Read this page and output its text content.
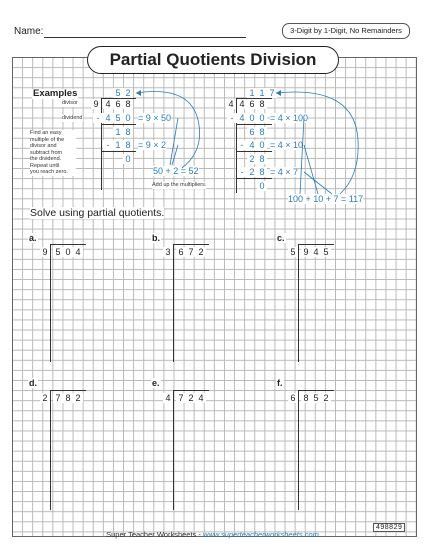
Name:	3-Digit by 1-Digit, No Remainders
Partial Quotients Division
Examples	5 2
divisor
dividend
9 4 6 8
- 4 5 0 = 9 × 50
1 8
- 1 8 = 9 × 2
0
50 + 2 = 52
Add up the multipliers.
Find an easy
multiple of the
divisor and
subtract from
the dividend.
Repeat until
you reach zero.
1 1 7
4 4 6 8
- 4 0 0 = 4 × 100
6 8
- 4 0 = 4 × 10
2 8
- 2 8 = 4 × 7
0
100 + 10 + 7 = 117
Solve using partial quotients.
a.
9 5 0 4
b.
3 6 7 2
c.
5 9 4 5
d.
2 7 8 2
e.
4 7 2 4
f.
6 8 5 2
498829
Super Teacher Worksheets - www.superteacherworksheets.com
